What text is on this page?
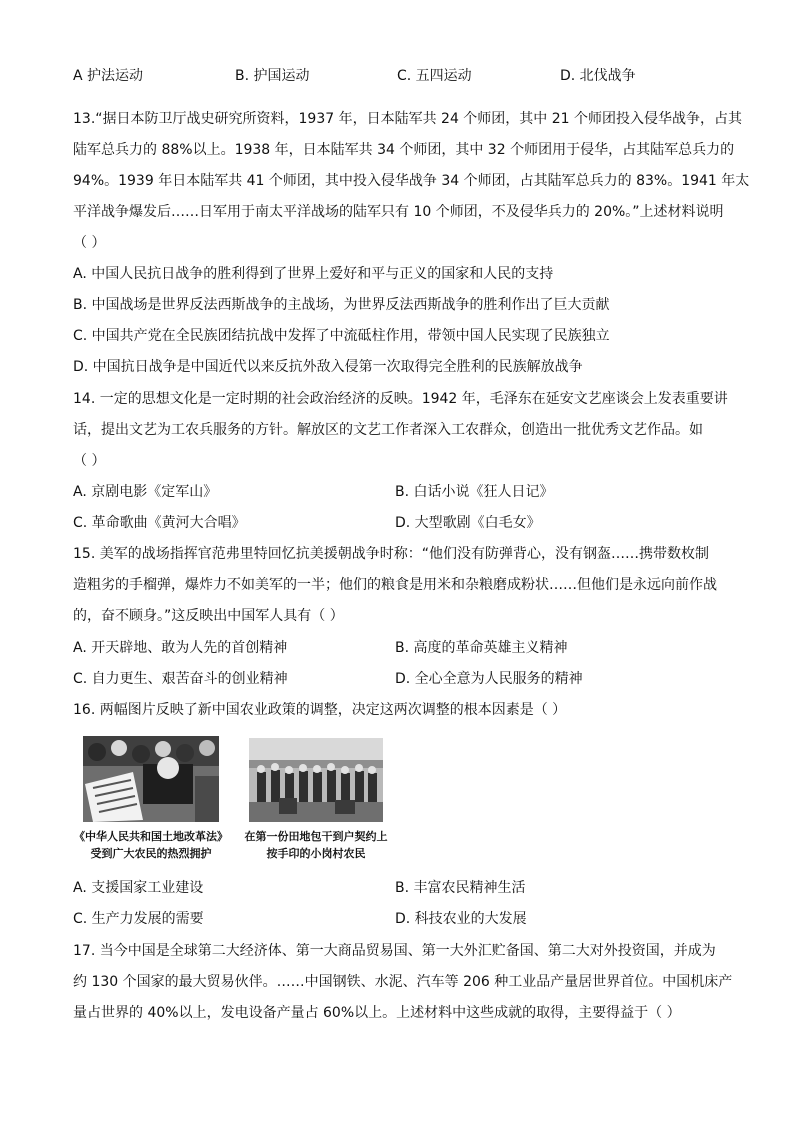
A 护法运动	B. 护国运动	C. 五四运动	D. 北伐战争
13.“据日本防卫厅战史研究所资料，1937 年，日本陆军共 24 个师团，其中 21 个师团投入侵华战争，占其
陆军总兵力的 88%以上。1938 年，日本陆军共 34 个师团，其中 32 个师团用于侵华，占其陆军总兵力的
94%。1939 年日本陆军共 41 个师团，其中投入侵华战争 34 个师团，占其陆军总兵力的 83%。1941 年太
平洋战争爆发后……日军用于南太平洋战场的陆军只有 10 个师团，不及侵华兵力的 20%。”上述材料说明
（ ）
A. 中国人民抗日战争的胜利得到了世界上爱好和平与正义的国家和人民的支持
B. 中国战场是世界反法西斯战争的主战场，为世界反法西斯战争的胜利作出了巨大贡献
C. 中国共产党在全民族团结抗战中发挥了中流砥柱作用，带领中国人民实现了民族独立
D. 中国抗日战争是中国近代以来反抗外敌入侵第一次取得完全胜利的民族解放战争
14. 一定的思想文化是一定时期的社会政治经济的反映。1942 年，毛泽东在延安文艺座谈会上发表重要讲
话，提出文艺为工农兵服务的方针。解放区的文艺工作者深入工农群众，创造出一批优秀文艺作品。如
（ ）
A. 京剧电影《定军山》	B. 白话小说《狂人日记》
C. 革命歌曲《黄河大合唱》	D. 大型歌剧《白毛女》
15. 美军的战场指挥官范弗里特回忆抗美援朝战争时称：“他们没有防弹背心，没有钢盔……携带数枚制
造粗劣的手榴弹，爆炸力不如美军的一半；他们的粮食是用米和杂粮磨成粉状……但他们是永远向前作战
的，奋不顾身。”这反映出中国军人具有（ ）
A. 开天辟地、敢为人先的首创精神	B. 高度的革命英雄主义精神
C. 自力更生、艰苦奋斗的创业精神	D. 全心全意为人民服务的精神
16. 两幅图片反映了新中国农业政策的调整，决定这两次调整的根本因素是（ ）
《中华人民共和国土地改革法》
受到广大农民的热烈拥护
在第一份田地包干到户契约上
按手印的小岗村农民
A. 支援国家工业建设	B. 丰富农民精神生活
C. 生产力发展的需要	D. 科技农业的大发展
17. 当今中国是全球第二大经济体、第一大商品贸易国、第一大外汇贮备国、第二大对外投资国，并成为
约 130 个国家的最大贸易伙伴。……中国钢铁、水泥、汽车等 206 种工业品产量居世界首位。中国机床产
量占世界的 40%以上，发电设备产量占 60%以上。上述材料中这些成就的取得，主要得益于（ ）
